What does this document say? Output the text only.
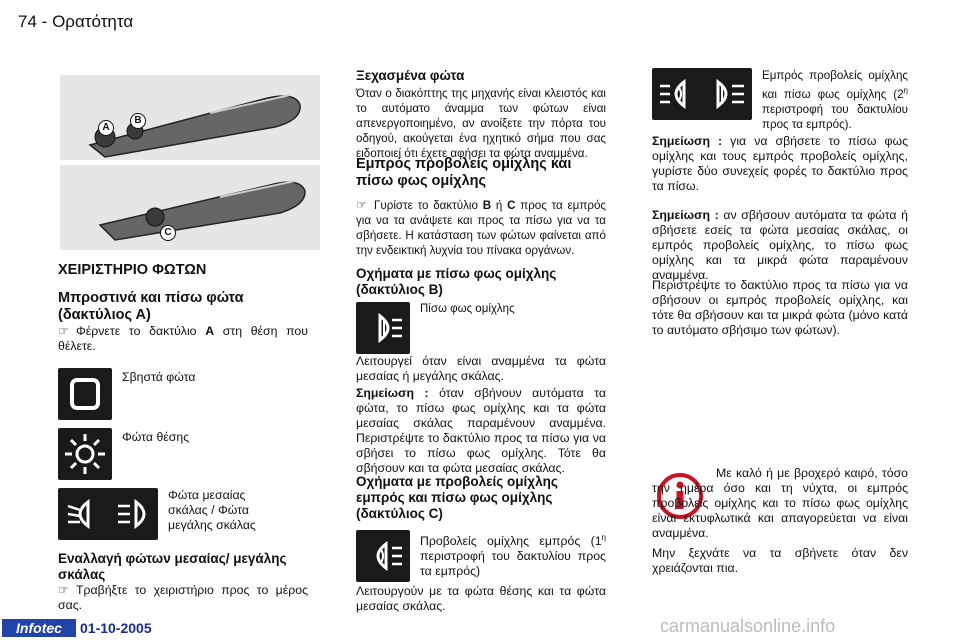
74 - Ορατότητα
A
B
C
ΧΕΙΡΙΣΤΗΡΙΟ ΦΩΤΩΝ
Μπροστινά και πίσω φώτα (δακτύλιος Α)
☞ Φέρνετε το δακτύλιο A στη θέση που θέλετε.
Σβηστά φώτα
Φώτα θέσης
Φώτα μεσαίας σκάλας / Φώτα μεγάλης σκάλας
Εναλλαγή φώτων μεσαίας/ μεγάλης σκάλας
☞ Τραβήξτε το χειριστήριο προς το μέρος σας.
Ξεχασμένα φώτα
Όταν ο διακόπτης της μηχανής είναι κλειστός και το αυτόματο άναμμα των φώτων είναι απενεργοποιημένο, αν ανοίξετε την πόρτα του οδηγού, ακούγεται ένα ηχητικό σήμα που σας ειδοποιεί ότι έχετε αφήσει τα φώτα αναμμένα.
Εμπρός προβολείς ομίχλης και πίσω φως ομίχλης
☞ Γυρίστε το δακτύλιο B ή C προς τα εμπρός για να τα ανάψετε και προς τα πίσω για να τα σβήσετε. Η κατάσταση των φώτων φαίνεται από την ενδεικτική λυχνία του πίνακα οργάνων.
Οχήματα με πίσω φως ομίχλης (δακτύλιος B)
Πίσω φως ομίχλης
Λειτουργεί όταν είναι αναμμένα τα φώτα μεσαίας ή μεγάλης σκάλας.
Σημείωση : όταν σβήνουν αυτόματα τα φώτα, το πίσω φως ομίχλης και τα φώτα μεσαίας σκάλας παραμένουν αναμμένα. Περιστρέψτε το δακτύλιο προς τα πίσω για να σβήσει το πίσω φως ομίχλης. Τότε θα σβήσουν και τα φώτα μεσαίας σκάλας.
Οχήματα με προβολείς ομίχλης εμπρός και πίσω φως ομίχλης (δακτύλιος C)
Προβολείς ομίχλης εμπρός ($1^\eta$ περιστροφή του δακτυλίου προς τα εμπρός)
Λειτουργούν με τα φώτα θέσης και τα φώτα μεσαίας σκάλας.
Εμπρός προβολείς ομίχλης και πίσω φως ομίχλης ($2^\eta$ περιστροφή του δακτυλίου προς τα εμπρός).
Σημείωση : για να σβήσετε το πίσω φως ομίχλης και τους εμπρός προβολείς ομίχλης, γυρίστε δύο συνεχείς φορές το δακτύλιο προς τα πίσω.
Σημείωση : αν σβήσουν αυτόματα τα φώτα ή σβήσετε εσείς τα φώτα μεσαίας σκάλας, οι εμπρός προβολείς ομίχλης, το πίσω φως ομίχλης και τα μικρά φώτα παραμένουν αναμμένα.
Περιστρέψτε το δακτύλιο προς τα πίσω για να σβήσουν οι εμπρός προβολείς ομίχλης, και τότε θα σβήσουν και τα μικρά φώτα (μόνο κατά το αυτόματο σβήσιμο των φώτων).
Με καλό ή με βροχερό καιρό, τόσο την ημέρα όσο και τη νύχτα, οι εμπρός προβολείς ομίχλης και το πίσω φως ομίχλης είναι εκτυφλωτικά και απαγορεύεται να είναι αναμμένα.
Μην ξεχνάτε να τα σβήνετε όταν δεν χρειάζονται πια.
Infotec	01-10-2005	carmanualsonline.info
